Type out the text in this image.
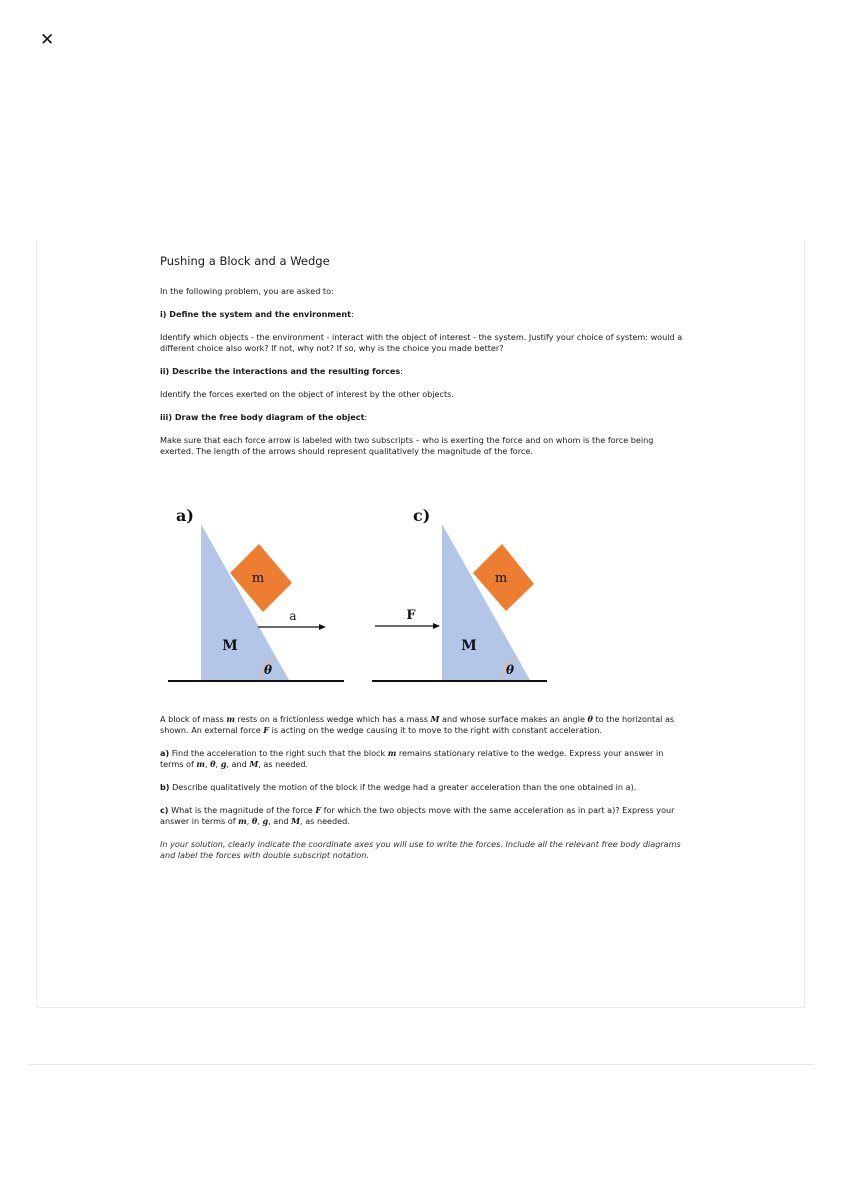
✕
Pushing a Block and a Wedge

In the following problem, you are asked to:

i) Define the system and the environment:

Identify which objects - the environment - interact with the object of interest - the system. Justify your choice of system: would a different choice also work? If not, why not? If so, why is the choice you made better?

ii) Describe the interactions and the resulting forces:

Identify the forces exerted on the object of interest by the other objects.

iii) Draw the free body diagram of the object:

Make sure that each force arrow is labeled with two subscripts – who is exerting the force and on whom is the force being exerted. The length of the arrows should represent qualitatively the magnitude of the force.

a)
m
M
θ
a
c)
m
M
θ
F

A block of mass m rests on a frictionless wedge which has a mass M and whose surface makes an angle θ to the horizontal as shown. An external force F is acting on the wedge causing it to move to the right with constant acceleration.

a) Find the acceleration to the right such that the block m remains stationary relative to the wedge. Express your answer in terms of m, θ, g, and M, as needed.

b) Describe qualitatively the motion of the block if the wedge had a greater acceleration than the one obtained in a).

c) What is the magnitude of the force F for which the two objects move with the same acceleration as in part a)? Express your answer in terms of m, θ, g, and M, as needed.

In your solution, clearly indicate the coordinate axes you will use to write the forces. Include all the relevant free body diagrams and label the forces with double subscript notation.
